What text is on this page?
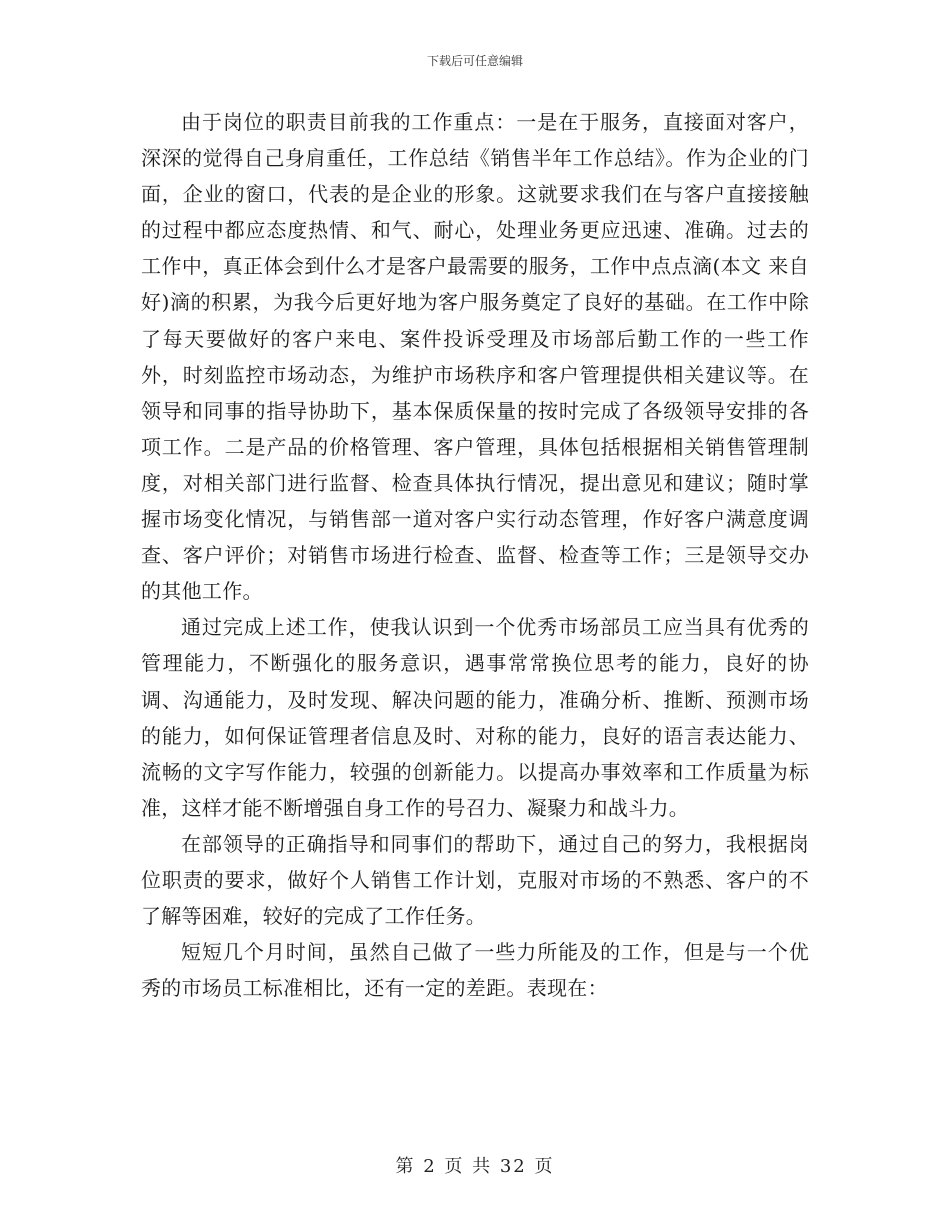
下载后可任意编辑

由于岗位的职责目前我的工作重点：一是在于服务，直接面对客户，深深的觉得自己身肩重任，工作总结《销售半年工作总结》。作为企业的门面，企业的窗口，代表的是企业的形象。这就要求我们在与客户直接接触的过程中都应态度热情、和气、耐心，处理业务更应迅速、准确。过去的工作中，真正体会到什么才是客户最需要的服务，工作中点点滴(本文 来自好)滴的积累，为我今后更好地为客户服务奠定了良好的基础。在工作中除了每天要做好的客户来电、案件投诉受理及市场部后勤工作的一些工作外，时刻监控市场动态，为维护市场秩序和客户管理提供相关建议等。在领导和同事的指导协助下，基本保质保量的按时完成了各级领导安排的各项工作。二是产品的价格管理、客户管理，具体包括根据相关销售管理制度，对相关部门进行监督、检查具体执行情况，提出意见和建议；随时掌握市场变化情况，与销售部一道对客户实行动态管理，作好客户满意度调查、客户评价；对销售市场进行检查、监督、检查等工作；三是领导交办的其他工作。

通过完成上述工作，使我认识到一个优秀市场部员工应当具有优秀的管理能力，不断强化的服务意识，遇事常常换位思考的能力，良好的协调、沟通能力，及时发现、解决问题的能力，准确分析、推断、预测市场的能力，如何保证管理者信息及时、对称的能力，良好的语言表达能力、流畅的文字写作能力，较强的创新能力。以提高办事效率和工作质量为标准，这样才能不断增强自身工作的号召力、凝聚力和战斗力。

在部领导的正确指导和同事们的帮助下，通过自己的努力，我根据岗位职责的要求，做好个人销售工作计划，克服对市场的不熟悉、客户的不了解等困难，较好的完成了工作任务。

短短几个月时间，虽然自己做了一些力所能及的工作，但是与一个优秀的市场员工标准相比，还有一定的差距。表现在：

第 2 页 共 32 页
